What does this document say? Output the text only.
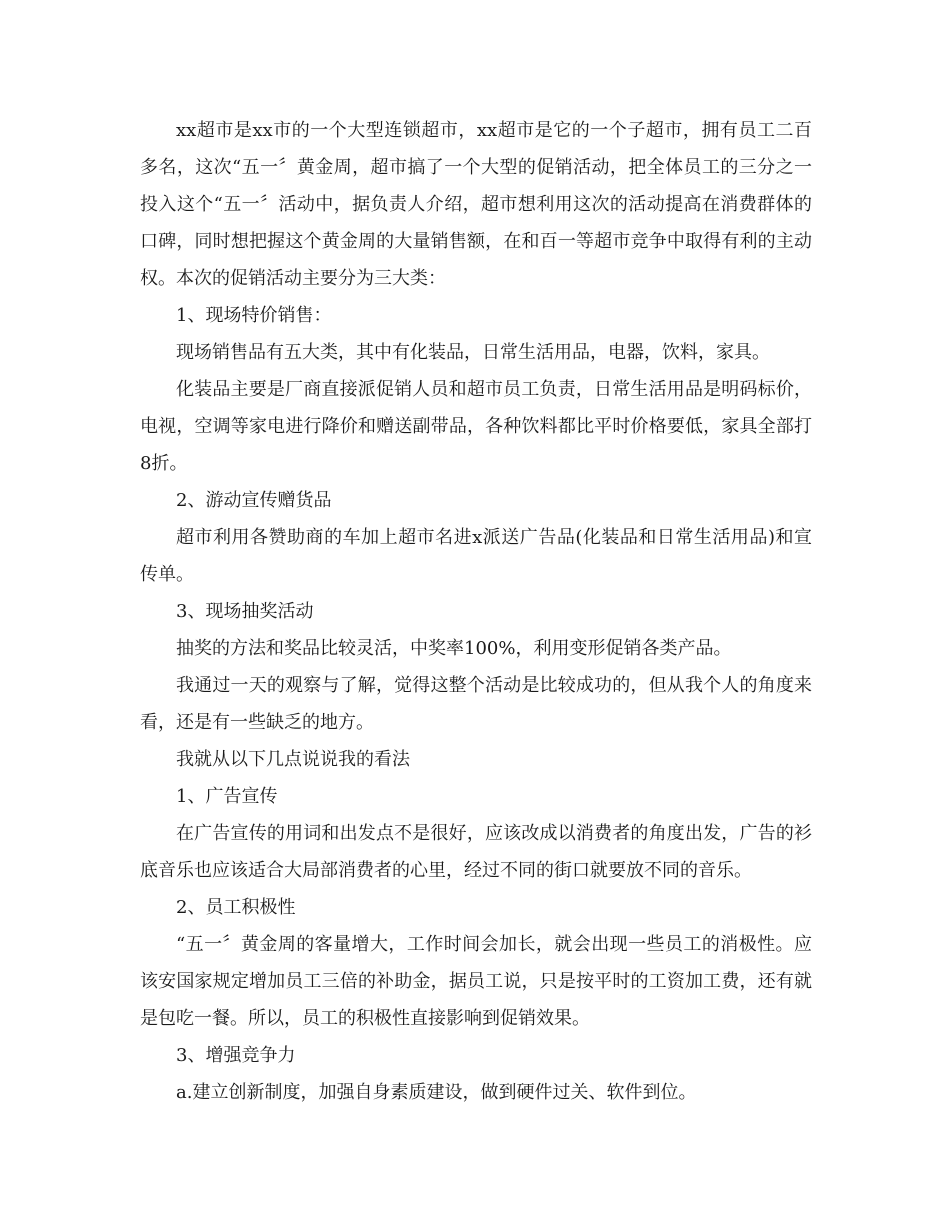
xx超市是xx市的一个大型连锁超市，xx超市是它的一个子超市，拥有员工二百多名，这次“五一〞黄金周，超市搞了一个大型的促销活动，把全体员工的三分之一投入这个“五一〞活动中，据负责人介绍，超市想利用这次的活动提高在消费群体的口碑，同时想把握这个黄金周的大量销售额，在和百一等超市竞争中取得有利的主动权。本次的促销活动主要分为三大类：

1、现场特价销售：

现场销售品有五大类，其中有化装品，日常生活用品，电器，饮料，家具。

化装品主要是厂商直接派促销人员和超市员工负责，日常生活用品是明码标价，电视，空调等家电进行降价和赠送副带品，各种饮料都比平时价格要低，家具全部打8折。

2、游动宣传赠货品

超市利用各赞助商的车加上超市名进x派送广告品(化装品和日常生活用品)和宣传单。

3、现场抽奖活动

抽奖的方法和奖品比较灵活，中奖率100%，利用变形促销各类产品。

我通过一天的观察与了解，觉得这整个活动是比较成功的，但从我个人的角度来看，还是有一些缺乏的地方。

我就从以下几点说说我的看法

1、广告宣传

在广告宣传的用词和出发点不是很好，应该改成以消费者的角度出发，广告的衫底音乐也应该适合大局部消费者的心里，经过不同的街口就要放不同的音乐。

2、员工积极性

“五一〞黄金周的客量增大，工作时间会加长，就会出现一些员工的消极性。应该安国家规定增加员工三倍的补助金，据员工说，只是按平时的工资加工费，还有就是包吃一餐。所以，员工的积极性直接影响到促销效果。

3、增强竞争力

a.建立创新制度，加强自身素质建设，做到硬件过关、软件到位。
